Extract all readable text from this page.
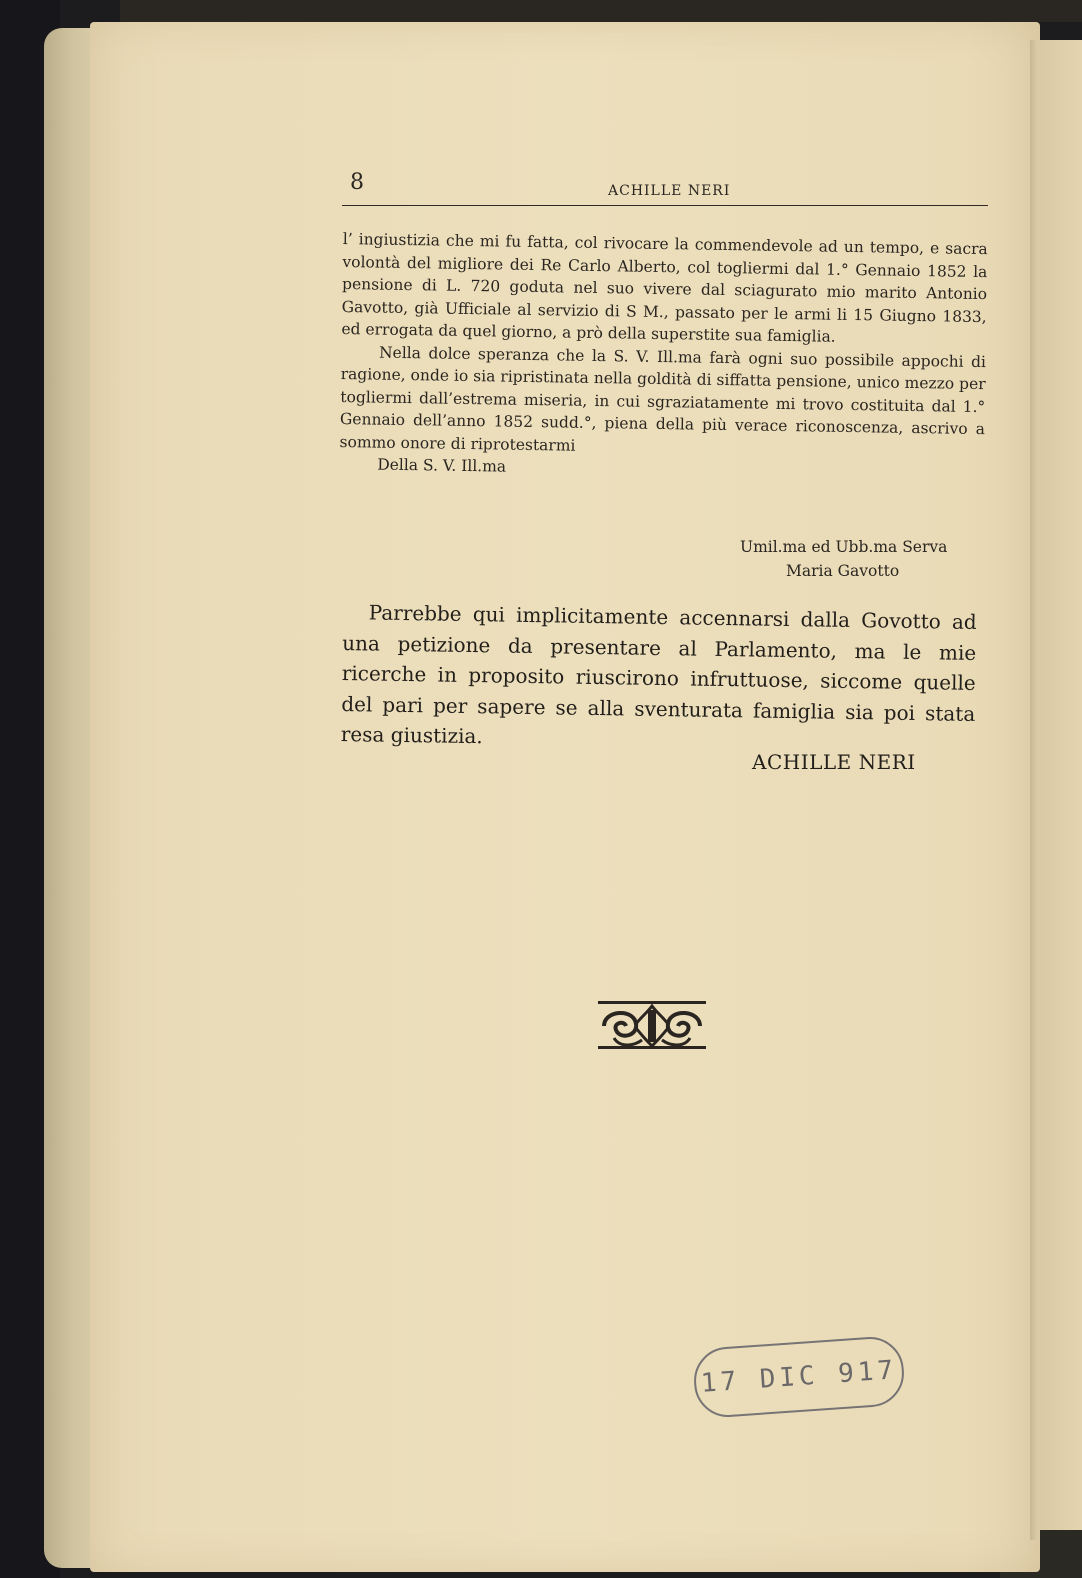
8	ACHILLE NERI

l’ ingiustizia che mi fu fatta, col rivocare la commendevole ad un tempo, e sacra volontà del migliore dei Re Carlo Alberto, col togliermi dal 1.° Gennaio 1852 la pensione di L. 720 goduta nel suo vivere dal sciagurato mio marito Antonio Gavotto, già Ufficiale al servizio di S M., passato per le armi li 15 Giugno 1833, ed errogata da quel giorno, a prò della superstite sua famiglia.

Nella dolce speranza che la S. V. Ill.ma farà ogni suo possibile appochi di ragione, onde io sia ripristinata nella goldità di siffatta pensione, unico mezzo per togliermi dall’estrema miseria, in cui sgraziatamente mi trovo costituita dal 1.° Gennaio dell’anno 1852 sudd.°, piena della più verace riconoscenza, ascrivo a sommo onore di riprotestarmi

Della S. V. Ill.ma

Umil.ma ed Ubb.ma Serva
Maria Gavotto
Parrebbe qui implicitamente accennarsi dalla Govotto ad una petizione da presentare al Parlamento, ma le mie ricerche in proposito riuscirono infruttuose, siccome quelle del pari per sapere se alla sventurata famiglia sia poi stata resa giustizia.
ACHILLE NERI
17 DIC 917
